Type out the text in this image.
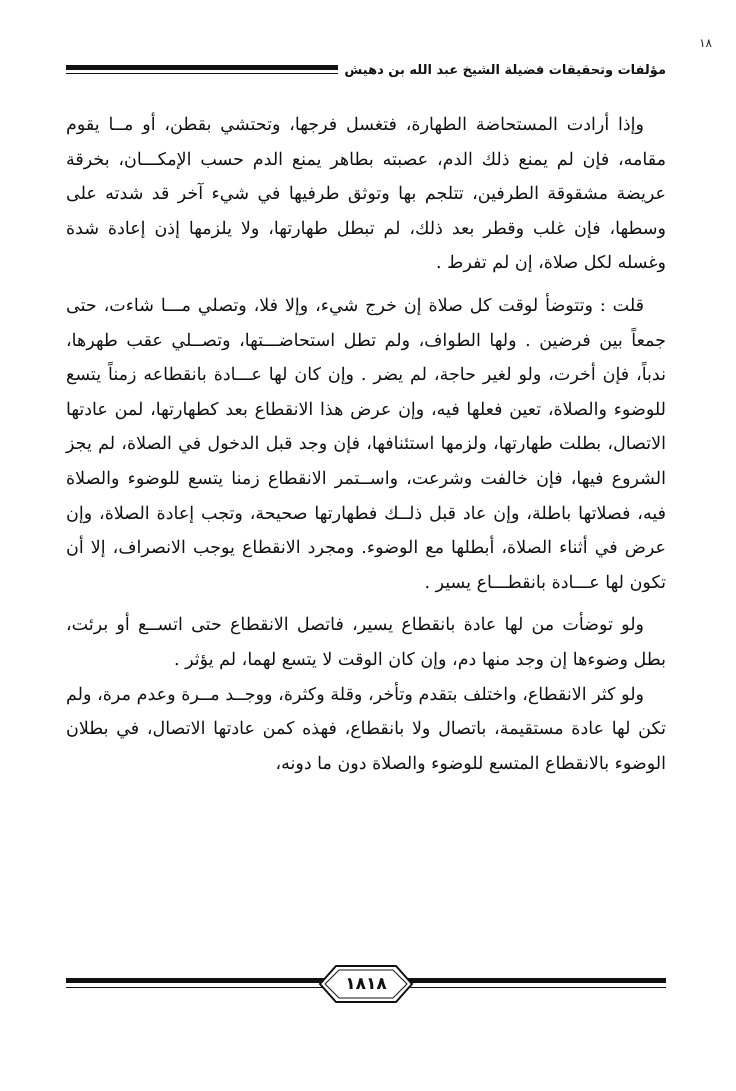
١٨
مؤلفات وتحقيقات فضيلة الشيخ عبد الله بن دهيش

وإذا أرادت المستحاضة الطهارة، فتغسل فرجها، وتحتشي بقطن، أو مــا يقوم مقامه، فإن لم يمنع ذلك الدم، عصبته بطاهر يمنع الدم حسب الإمكـــان، بخرقة عريضة مشقوقة الطرفين، تتلجم بها وتوثق طرفيها في شيء آخر قد شدته على وسطها، فإن غلب وقطر بعد ذلك، لم تبطل طهارتها، ولا يلزمها إذن إعادة شدة وغسله لكل صلاة، إن لم تفرط .

قلت : وتتوضأ لوقت كل صلاة إن خرج شيء، وإلا فلا، وتصلي مـــا شاءت، حتى جمعاً بين فرضين . ولها الطواف، ولم تطل استحاضـــتها، وتصــلي عقب طهرها، ندباً، فإن أخرت، ولو لغير حاجة، لم يضر . وإن كان لها عـــادة بانقطاعه زمناً يتسع للوضوء والصلاة، تعين فعلها فيه، وإن عرض هذا الانقطاع بعد كطهارتها، لمن عادتها الاتصال، بطلت طهارتها، ولزمها استئنافها، فإن وجد قبل الدخول في الصلاة، لم يجز الشروع فيها، فإن خالفت وشرعت، واســتمر الانقطاع زمنا يتسع للوضوء والصلاة فيه، فصلاتها باطلة، وإن عاد قبل ذلــك فطهارتها صحيحة، وتجب إعادة الصلاة، وإن عرض في أثناء الصلاة، أبطلها مع الوضوء. ومجرد الانقطاع يوجب الانصراف، إلا أن تكون لها عـــادة بانقطـــاع يسير .

ولو توضأت من لها عادة بانقطاع يسير، فاتصل الانقطاع حتى اتســع أو برئت، بطل وضوءها إن وجد منها دم، وإن كان الوقت لا يتسع لهما، لم يؤثر .

ولو كثر الانقطاع، واختلف بتقدم وتأخر، وقلة وكثرة، ووجــد مــرة وعدم مرة، ولم تكن لها عادة مستقيمة، باتصال ولا بانقطاع، فهذه كمن عادتها الاتصال، في بطلان الوضوء بالانقطاع المتسع للوضوء والصلاة دون ما دونه،

١٨١٨
